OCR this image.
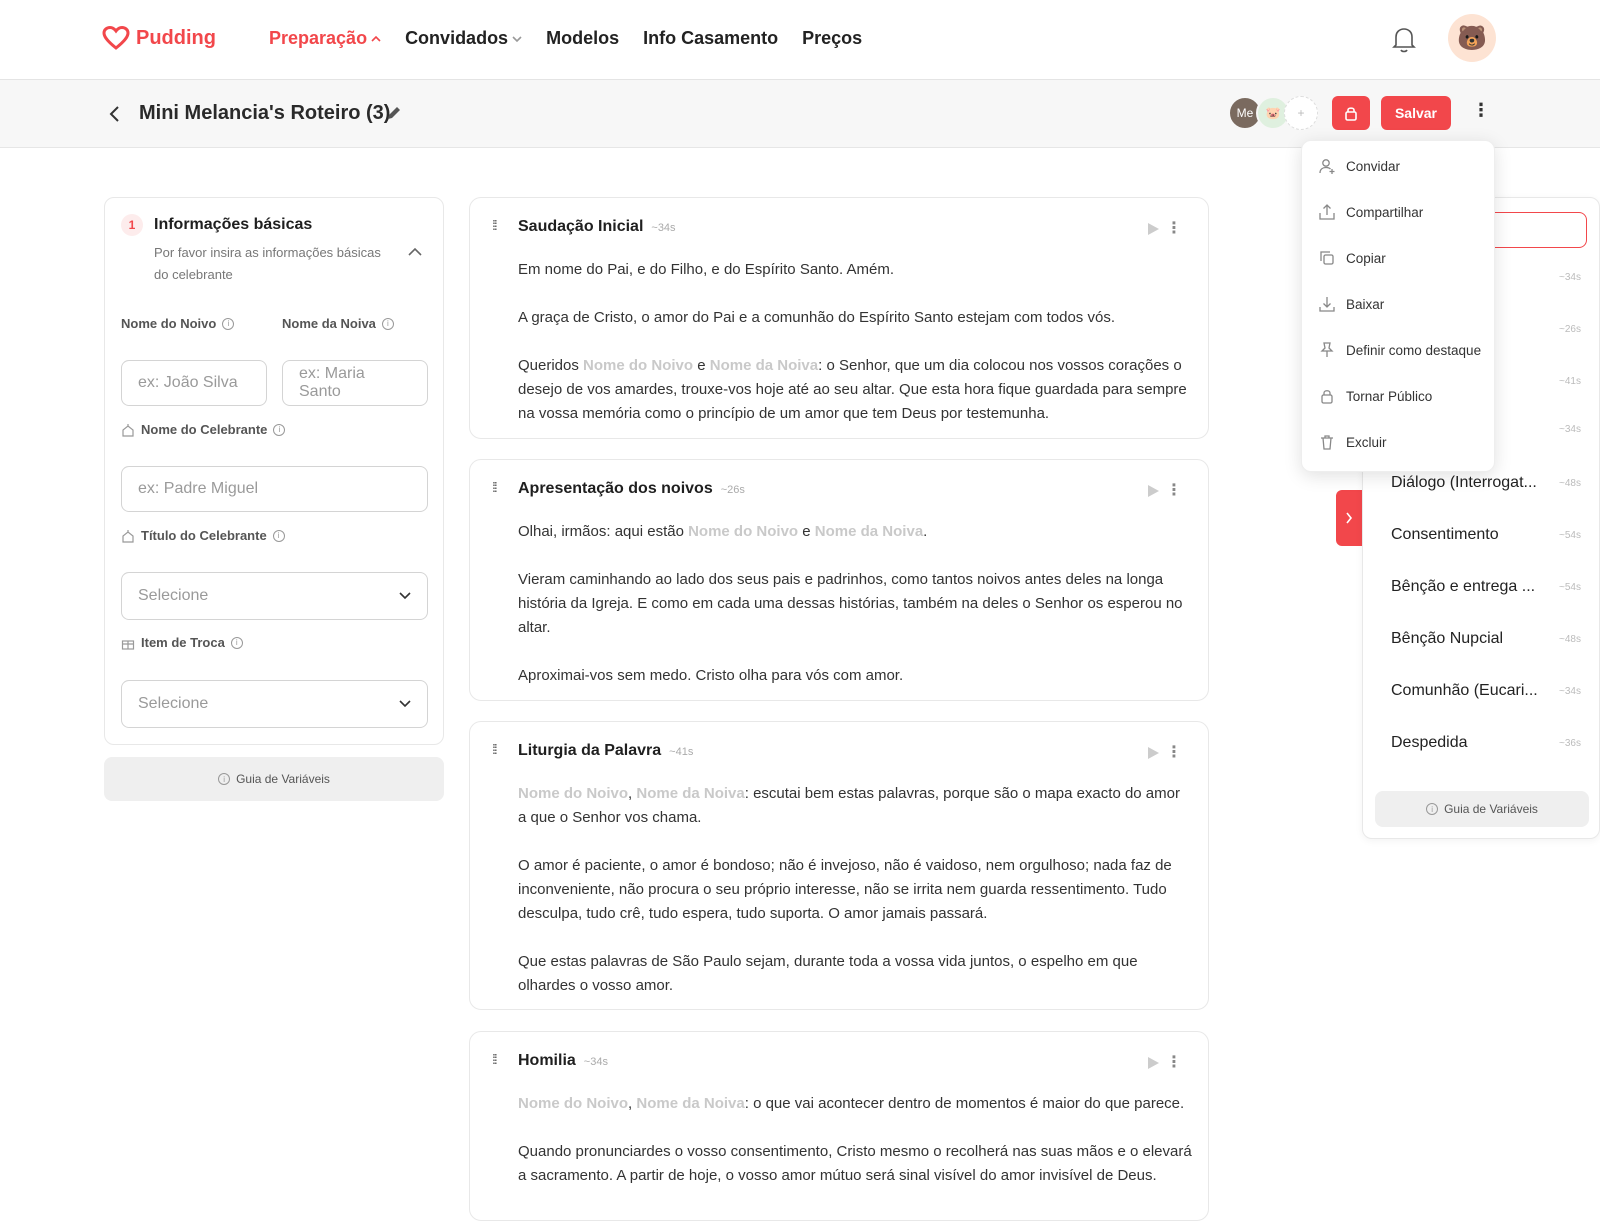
Pudding	Preparação Convidados Modelos Info Casamento Preços	🐻
Mini Melancia's Roteiro (3)	Me	🐷	+	Salvar	⋮
1	Informações básicas
Por favor insira as informações básicas do celebrante
Nome do Noivo	i	Nome da Noiva	i
ex: João Silva
ex: Maria Santo
Nome do Celebrante	i
ex: Padre Miguel
Título do Celebrante	i
Selecione
Item de Troca	i
Selecione
i Guia de Variáveis
⁞⁞ Saudação Inicial ~34s	⋮

Em nome do Pai, e do Filho, e do Espírito Santo. Amém.

A graça de Cristo, o amor do Pai e a comunhão do Espírito Santo estejam com todos vós.

Queridos Nome do Noivo e Nome da Noiva: o Senhor, que um dia colocou nos vossos corações o desejo de vos amardes, trouxe-vos hoje até ao seu altar. Que esta hora fique guardada para sempre na vossa memória como o princípio de um amor que tem Deus por testemunha.

⁞⁞ Apresentação dos noivos ~26s	⋮

Olhai, irmãos: aqui estão Nome do Noivo e Nome da Noiva.

Vieram caminhando ao lado dos seus pais e padrinhos, como tantos noivos antes deles na longa história da Igreja. E como em cada uma dessas histórias, também na deles o Senhor os esperou no altar.

Aproximai-vos sem medo. Cristo olha para vós com amor.

⁞⁞ Liturgia da Palavra ~41s	⋮

Nome do Noivo, Nome da Noiva: escutai bem estas palavras, porque são o mapa exacto do amor a que o Senhor vos chama.

O amor é paciente, o amor é bondoso; não é invejoso, não é vaidoso, nem orgulhoso; nada faz de inconveniente, não procura o seu próprio interesse, não se irrita nem guarda ressentimento. Tudo desculpa, tudo crê, tudo espera, tudo suporta. O amor jamais passará.

Que estas palavras de São Paulo sejam, durante toda a vossa vida juntos, o espelho em que olhardes o vosso amor.

⁞⁞ Homilia ~34s	⋮

Nome do Noivo, Nome da Noiva: o que vai acontecer dentro de momentos é maior do que parece.

Quando pronunciardes o vosso consentimento, Cristo mesmo o recolherá nas suas mãos e o elevará a sacramento. A partir de hoje, o vosso amor mútuo será sinal visível do amor invisível de Deus.

~34s
~26s
~41s
~34s
Diálogo (Interrogat... ~48s
Consentimento	~54s
Bênção e entrega ... ~54s
Bênção Nupcial	~48s
Comunhão (Eucari... ~34s
Despedida	~36s
i Guia de Variáveis
Convidar
Compartilhar
Copiar
Baixar
Definir como destaque
Tornar Público
Excluir
